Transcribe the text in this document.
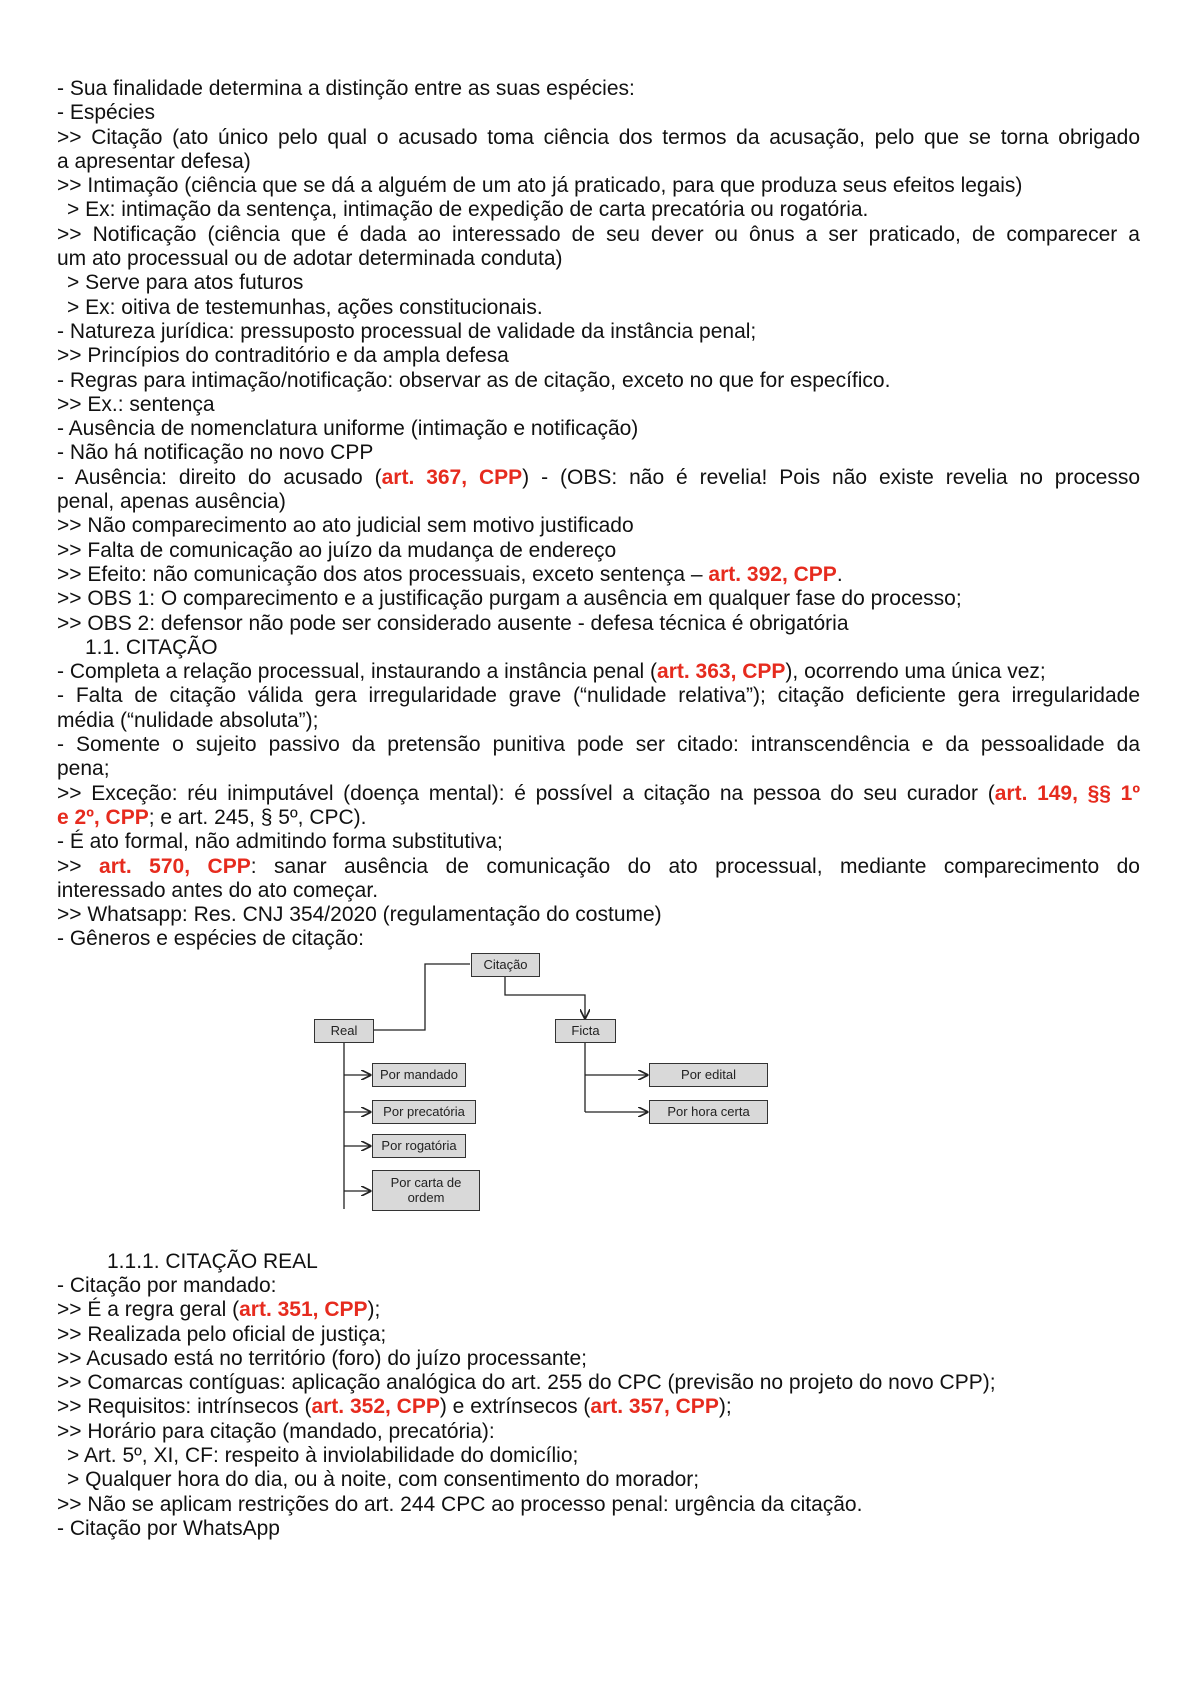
- Sua finalidade determina a distinção entre as suas espécies:
- Espécies
>> Citação (ato único pelo qual o acusado toma ciência dos termos da acusação, pelo que se torna obrigado
a apresentar defesa)
>> Intimação (ciência que se dá a alguém de um ato já praticado, para que produza seus efeitos legais)
> Ex: intimação da sentença, intimação de expedição de carta precatória ou rogatória.
>> Notificação (ciência que é dada ao interessado de seu dever ou ônus a ser praticado, de comparecer a
um ato processual ou de adotar determinada conduta)
> Serve para atos futuros
> Ex: oitiva de testemunhas, ações constitucionais.
- Natureza jurídica: pressuposto processual de validade da instância penal;
>> Princípios do contraditório e da ampla defesa
- Regras para intimação/notificação: observar as de citação, exceto no que for específico.
>> Ex.: sentença
- Ausência de nomenclatura uniforme (intimação e notificação)
- Não há notificação no novo CPP
- Ausência: direito do acusado (art. 367, CPP) - (OBS: não é revelia! Pois não existe revelia no processo
penal, apenas ausência)
>> Não comparecimento ao ato judicial sem motivo justificado
>> Falta de comunicação ao juízo da mudança de endereço
>> Efeito: não comunicação dos atos processuais, exceto sentença – art. 392, CPP.
>> OBS 1: O comparecimento e a justificação purgam a ausência em qualquer fase do processo;
>> OBS 2: defensor não pode ser considerado ausente - defesa técnica é obrigatória
1.1. CITAÇÃO
- Completa a relação processual, instaurando a instância penal (art. 363, CPP), ocorrendo uma única vez;
- Falta de citação válida gera irregularidade grave (“nulidade relativa”); citação deficiente gera irregularidade
média (“nulidade absoluta”);
- Somente o sujeito passivo da pretensão punitiva pode ser citado: intranscendência e da pessoalidade da
pena;
>> Exceção: réu inimputável (doença mental): é possível a citação na pessoa do seu curador (art. 149, §§ 1º
e 2º, CPP; e art. 245, § 5º, CPC).
- É ato formal, não admitindo forma substitutiva;
>> art. 570, CPP: sanar ausência de comunicação do ato processual, mediante comparecimento do
interessado antes do ato começar.
>> Whatsapp: Res. CNJ 354/2020 (regulamentação do costume)
- Gêneros e espécies de citação:
Citação
Real	Ficta
Por mandado
Por precatória
Por rogatória
Por carta de ordem
Por edital
Por hora certa
1.1.1. CITAÇÃO REAL
- Citação por mandado:
>> É a regra geral (art. 351, CPP);
>> Realizada pelo oficial de justiça;
>> Acusado está no território (foro) do juízo processante;
>> Comarcas contíguas: aplicação analógica do art. 255 do CPC (previsão no projeto do novo CPP);
>> Requisitos: intrínsecos (art. 352, CPP) e extrínsecos (art. 357, CPP);
>> Horário para citação (mandado, precatória):
> Art. 5º, XI, CF: respeito à inviolabilidade do domicílio;
> Qualquer hora do dia, ou à noite, com consentimento do morador;
>> Não se aplicam restrições do art. 244 CPC ao processo penal: urgência da citação.
- Citação por WhatsApp
